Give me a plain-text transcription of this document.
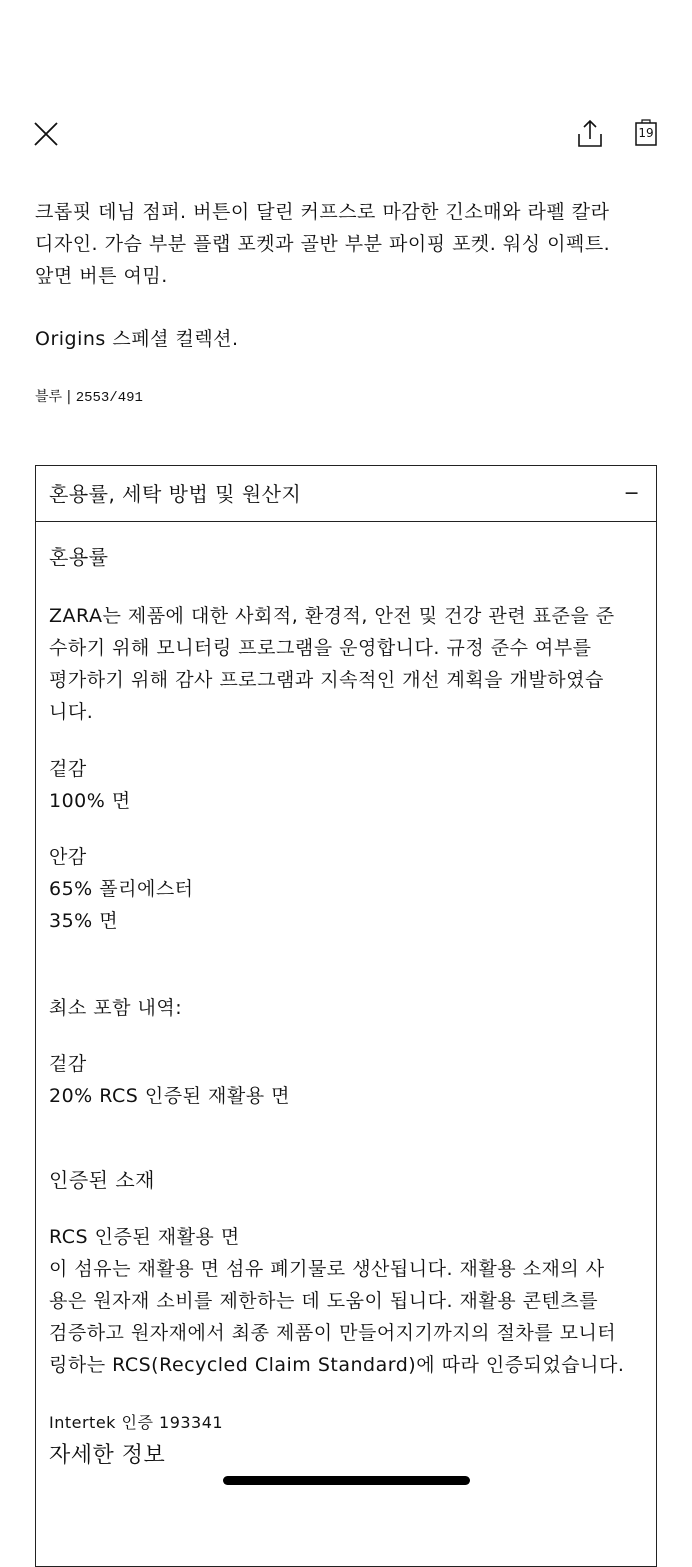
19
크롭핏 데님 점퍼. 버튼이 달린 커프스로 마감한 긴소매와 라펠 칼라
디자인. 가슴 부분 플랩 포켓과 골반 부분 파이핑 포켓. 워싱 이펙트.
앞면 버튼 여밈.
Origins 스페셜 컬렉션.
블루 | 2553/491
혼용률, 세탁 방법 및 원산지	−
혼용률
ZARA는 제품에 대한 사회적, 환경적, 안전 및 건강 관련 표준을 준
수하기 위해 모니터링 프로그램을 운영합니다. 규정 준수 여부를
평가하기 위해 감사 프로그램과 지속적인 개선 계획을 개발하였습
니다.
겉감
100% 면
안감
65% 폴리에스터
35% 면
최소 포함 내역:
겉감
20% RCS 인증된 재활용 면
인증된 소재
RCS 인증된 재활용 면
이 섬유는 재활용 면 섬유 폐기물로 생산됩니다. 재활용 소재의 사
용은 원자재 소비를 제한하는 데 도움이 됩니다. 재활용 콘텐츠를
검증하고 원자재에서 최종 제품이 만들어지기까지의 절차를 모니터
링하는 RCS(Recycled Claim Standard)에 따라 인증되었습니다.
Intertek 인증 193341
자세한 정보
